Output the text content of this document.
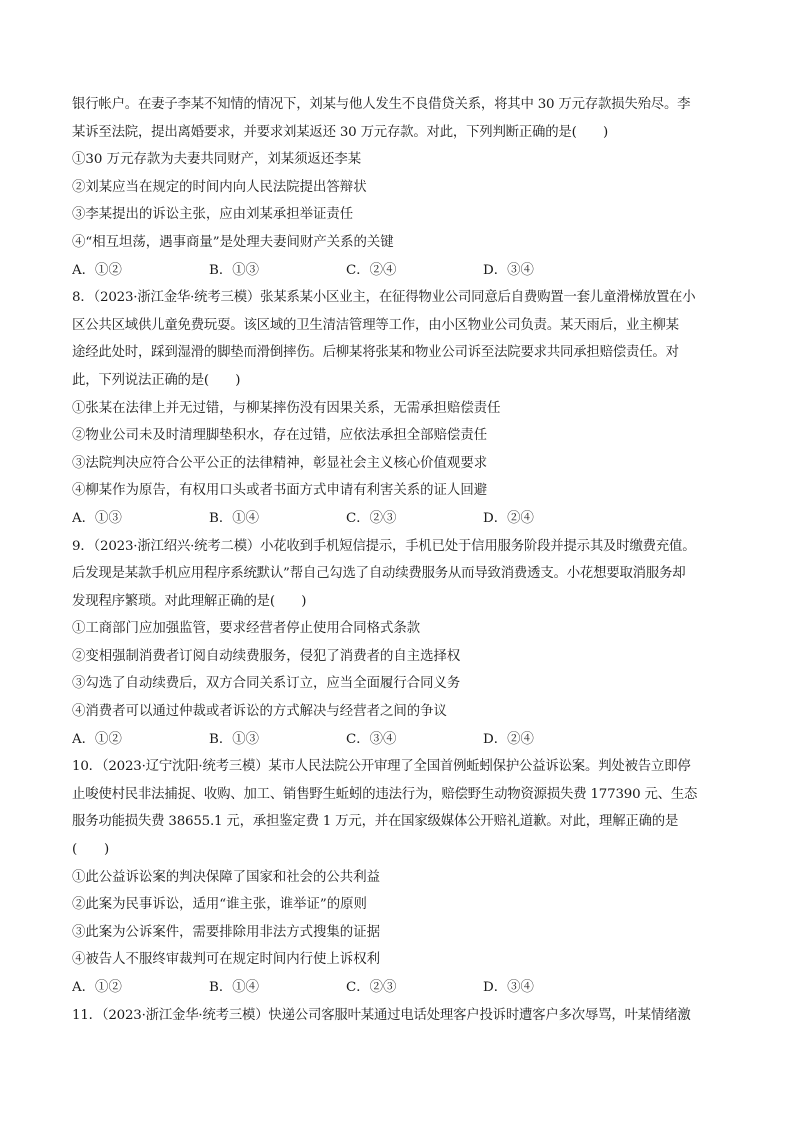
银行帐户。在妻子李某不知情的情况下，刘某与他人发生不良借贷关系，将其中 30 万元存款损失殆尽。李
某诉至法院，提出离婚要求，并要求刘某返还 30 万元存款。对此，下列判断正确的是(　　)
①30 万元存款为夫妻共同财产，刘某须返还李某
②刘某应当在规定的时间内向人民法院提出答辩状
③李某提出的诉讼主张，应由刘某承担举证责任
④“相互坦荡，遇事商量”是处理夫妻间财产关系的关键
A．①②	B．①③	C．②④	D．③④
8．（2023·浙江金华·统考三模）张某系某小区业主，在征得物业公司同意后自费购置一套儿童滑梯放置在小
区公共区域供儿童免费玩耍。该区域的卫生清洁管理等工作，由小区物业公司负责。某天雨后，业主柳某
途经此处时，踩到湿滑的脚垫而滑倒摔伤。后柳某将张某和物业公司诉至法院要求共同承担赔偿责任。对
此，下列说法正确的是(　　)
①张某在法律上并无过错，与柳某摔伤没有因果关系，无需承担赔偿责任
②物业公司未及时清理脚垫积水，存在过错，应依法承担全部赔偿责任
③法院判决应符合公平公正的法律精神，彰显社会主义核心价值观要求
④柳某作为原告，有权用口头或者书面方式申请有利害关系的证人回避
A．①③	B．①④	C．②③	D．②④
9．（2023·浙江绍兴·统考二模）小花收到手机短信提示，手机已处于信用服务阶段并提示其及时缴费充值。
后发现是某款手机应用程序系统默认”帮自己勾选了自动续费服务从而导致消费透支。小花想要取消服务却
发现程序繁琐。对此理解正确的是(　　)
①工商部门应加强监管，要求经营者停止使用合同格式条款
②变相强制消费者订阅自动续费服务，侵犯了消费者的自主选择权
③勾选了自动续费后，双方合同关系订立，应当全面履行合同义务
④消费者可以通过仲裁或者诉讼的方式解决与经营者之间的争议
A．①②	B．①③	C．③④	D．②④
10．（2023·辽宁沈阳·统考三模）某市人民法院公开审理了全国首例蚯蚓保护公益诉讼案。判处被告立即停
止唆使村民非法捕捉、收购、加工、销售野生蚯蚓的违法行为，赔偿野生动物资源损失费 177390 元、生态
服务功能损失费 38655.1 元，承担鉴定费 1 万元，并在国家级媒体公开赔礼道歉。对此，理解正确的是
(　　)
①此公益诉讼案的判决保障了国家和社会的公共利益
②此案为民事诉讼，适用“谁主张，谁举证”的原则
③此案为公诉案件，需要排除用非法方式搜集的证据
④被告人不服终审裁判可在规定时间内行使上诉权利
A．①②	B．①④	C．②③	D．③④
11．（2023·浙江金华·统考三模）快递公司客服叶某通过电话处理客户投诉时遭客户多次辱骂，叶某情绪激
